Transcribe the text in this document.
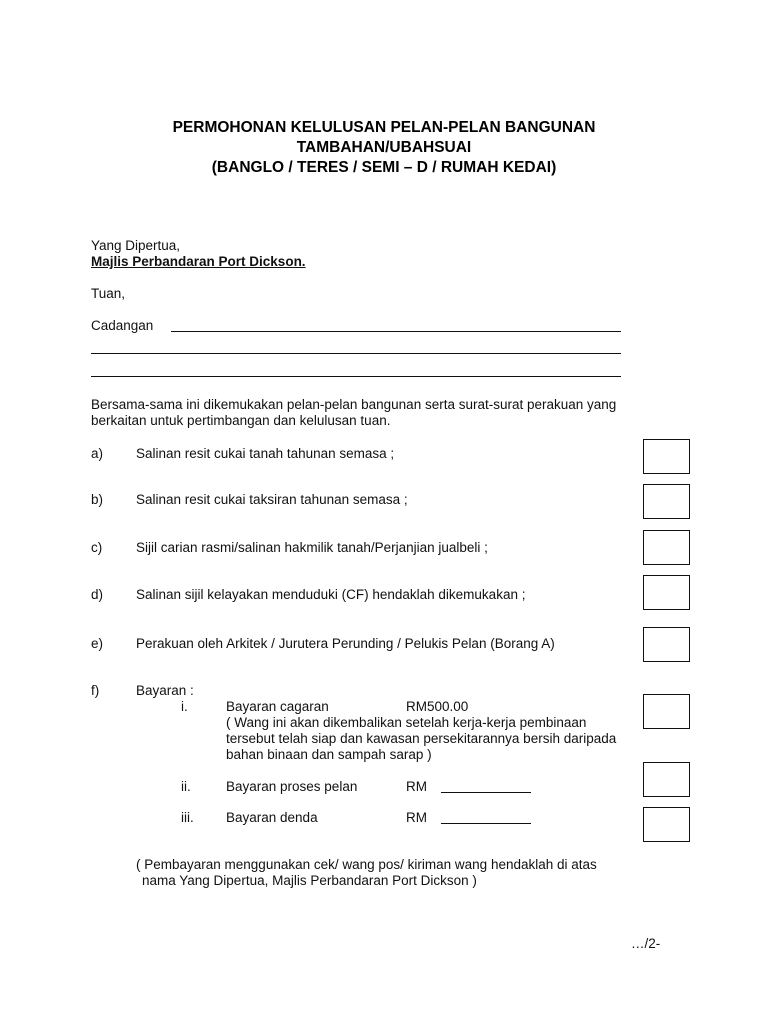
PERMOHONAN KELULUSAN PELAN-PELAN BANGUNAN
TAMBAHAN/UBAHSUAI
(BANGLO / TERES / SEMI – D / RUMAH KEDAI)
Yang Dipertua,
Majlis Perbandaran Port Dickson.
Tuan,
Cadangan
Bersama-sama ini dikemukakan pelan-pelan bangunan serta surat-surat perakuan yang
berkaitan untuk pertimbangan dan kelulusan tuan.
a) Salinan resit cukai tanah tahunan semasa ;
b) Salinan resit cukai taksiran tahunan semasa ;
c)	Sijil carian rasmi/salinan hakmilik tanah/Perjanjian jualbeli ;
d) Salinan sijil kelayakan menduduki (CF) hendaklah dikemukakan ;
e) Perakuan oleh Arkitek / Jurutera Perunding / Pelukis Pelan (Borang A)
f)	Bayaran :
i.	Bayaran cagaran	RM500.00
( Wang ini akan dikembalikan setelah kerja-kerja pembinaan
tersebut telah siap dan kawasan persekitarannya bersih daripada
bahan binaan dan sampah sarap )
ii.	Bayaran proses pelan	RM
iii. Bayaran denda	RM
( Pembayaran menggunakan cek/ wang pos/ kiriman wang hendaklah di atas
nama Yang Dipertua, Majlis Perbandaran Port Dickson )
…/2-
